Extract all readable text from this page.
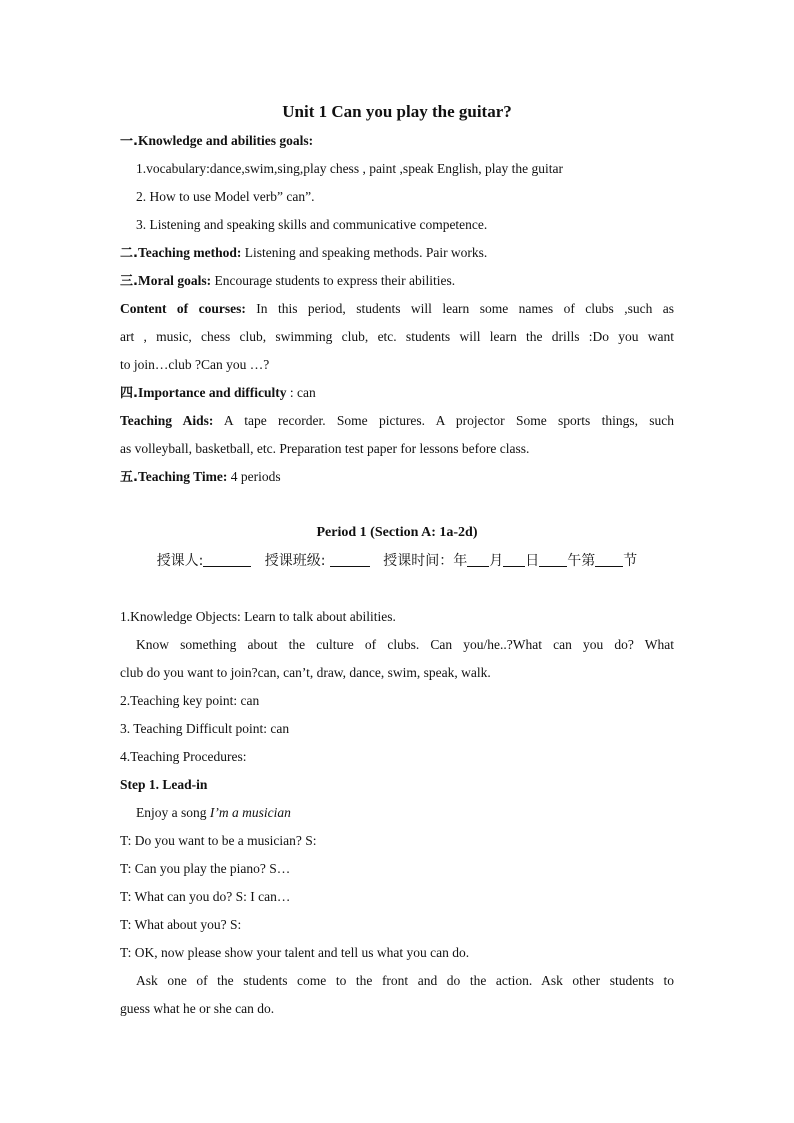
Unit 1 Can you play the guitar?
一.Knowledge and abilities goals:
1.vocabulary:dance,swim,sing,play chess , paint ,speak English, play the guitar
2. How to use Model verb” can”.
3. Listening and speaking skills and communicative competence.
二.Teaching method: Listening and speaking methods. Pair works.
三.Moral goals: Encourage students to express their abilities.
Content of courses: In this period, students will learn some names of clubs ,such as
art , music, chess club, swimming club, etc. students will learn the drills :Do you want
to join…club ?Can you …?
四.Importance and difficulty : can
Teaching Aids: A tape recorder. Some pictures. A projector Some sports things, such
as volleyball, basketball, etc. Preparation test paper for lessons before class.
五.Teaching Time: 4 periods
Period 1 (Section A: 1a-2d)
授课人:	授课班级:	授课时间：年 月 日 午第 节
1.Knowledge Objects: Learn to talk about abilities.
Know something about the culture of clubs. Can you/he..?What can you do? What
club do you want to join?can, can’t, draw, dance, swim, speak, walk.
2.Teaching key point: can
3. Teaching Difficult point: can
4.Teaching Procedures:
Step 1. Lead-in
Enjoy a song I’m a musician
T: Do you want to be a musician? S:
T: Can you play the piano? S…
T: What can you do? S: I can…
T: What about you? S:
T: OK, now please show your talent and tell us what you can do.
Ask one of the students come to the front and do the action. Ask other students to
guess what he or she can do.
